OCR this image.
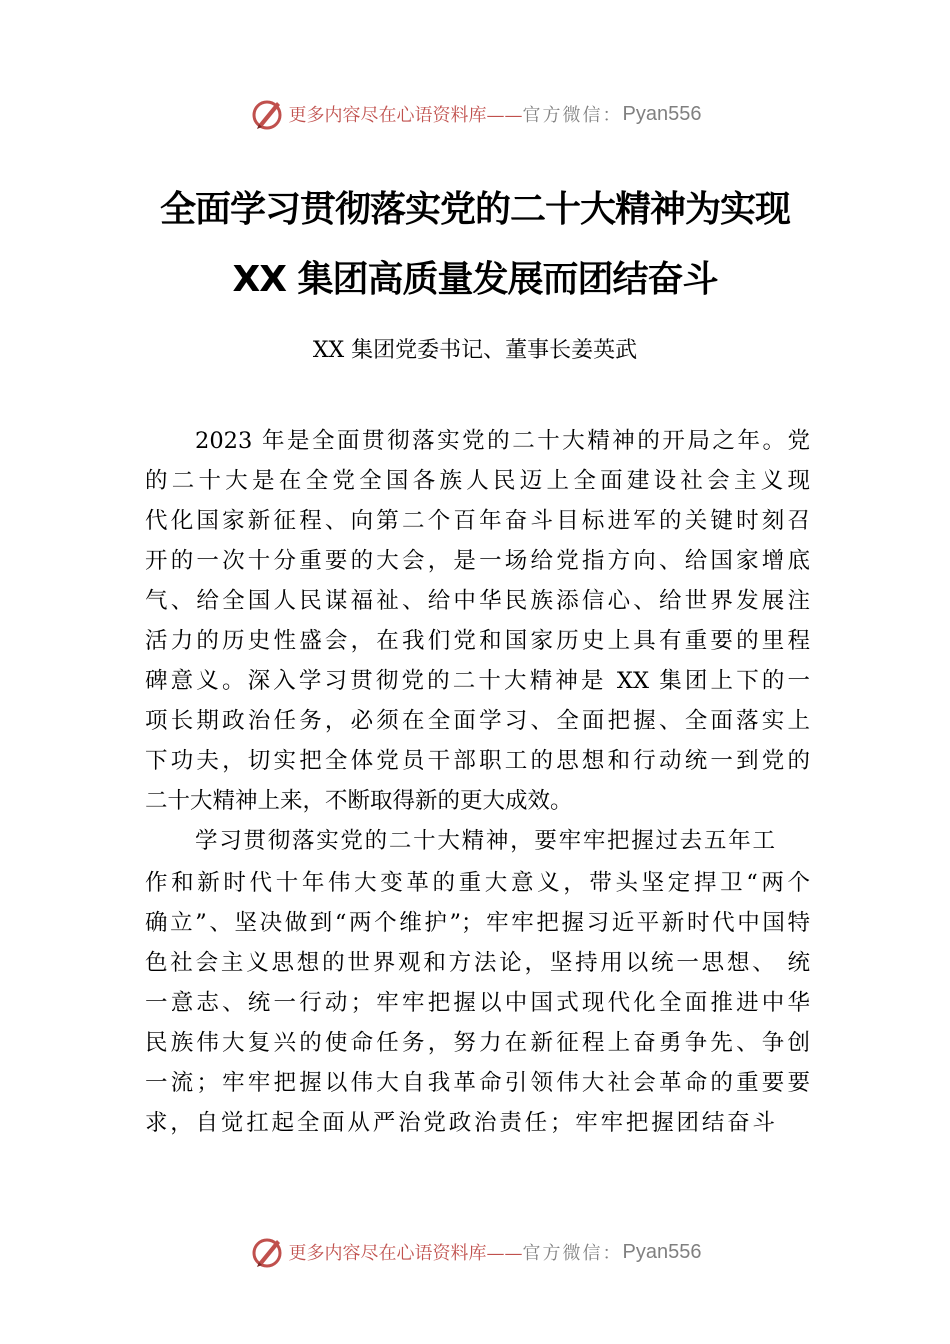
更多内容尽在心语资料库—— 官方微信： Pyan556
全面学习贯彻落实党的二十大精神为实现
XX 集团高质量发展而团结奋斗
XX 集团党委书记、董事长姜英武
2023 年是全面贯彻落实党的二十大精神的开局之年。党
的二十大是在全党全国各族人民迈上全面建设社会主义现
代化国家新征程、向第二个百年奋斗目标进军的关键时刻召
开的一次十分重要的大会，是一场给党指方向、给国家增底
气、给全国人民谋福祉、给中华民族添信心、给世界发展注
活力的历史性盛会，在我们党和国家历史上具有重要的里程
碑意义。深入学习贯彻党的二十大精神是 XX 集团上下的一
项长期政治任务，必须在全面学习、全面把握、全面落实上
下功夫，切实把全体党员干部职工的思想和行动统一到党的
二十大精神上来，不断取得新的更大成效。
学习贯彻落实党的二十大精神，要牢牢把握过去五年工
作和新时代十年伟大变革的重大意义，带头坚定捍卫“两个
确立”、坚决做到“两个维护”；牢牢把握习近平新时代中国特
色社会主义思想的世界观和方法论，坚持用以统一思想、 统
一意志、统一行动；牢牢把握以中国式现代化全面推进中华
民族伟大复兴的使命任务，努力在新征程上奋勇争先、争创
一流；牢牢把握以伟大自我革命引领伟大社会革命的重要要
求，自觉扛起全面从严治党政治责任；牢牢把握团结奋斗
更多内容尽在心语资料库—— 官方微信： Pyan556
